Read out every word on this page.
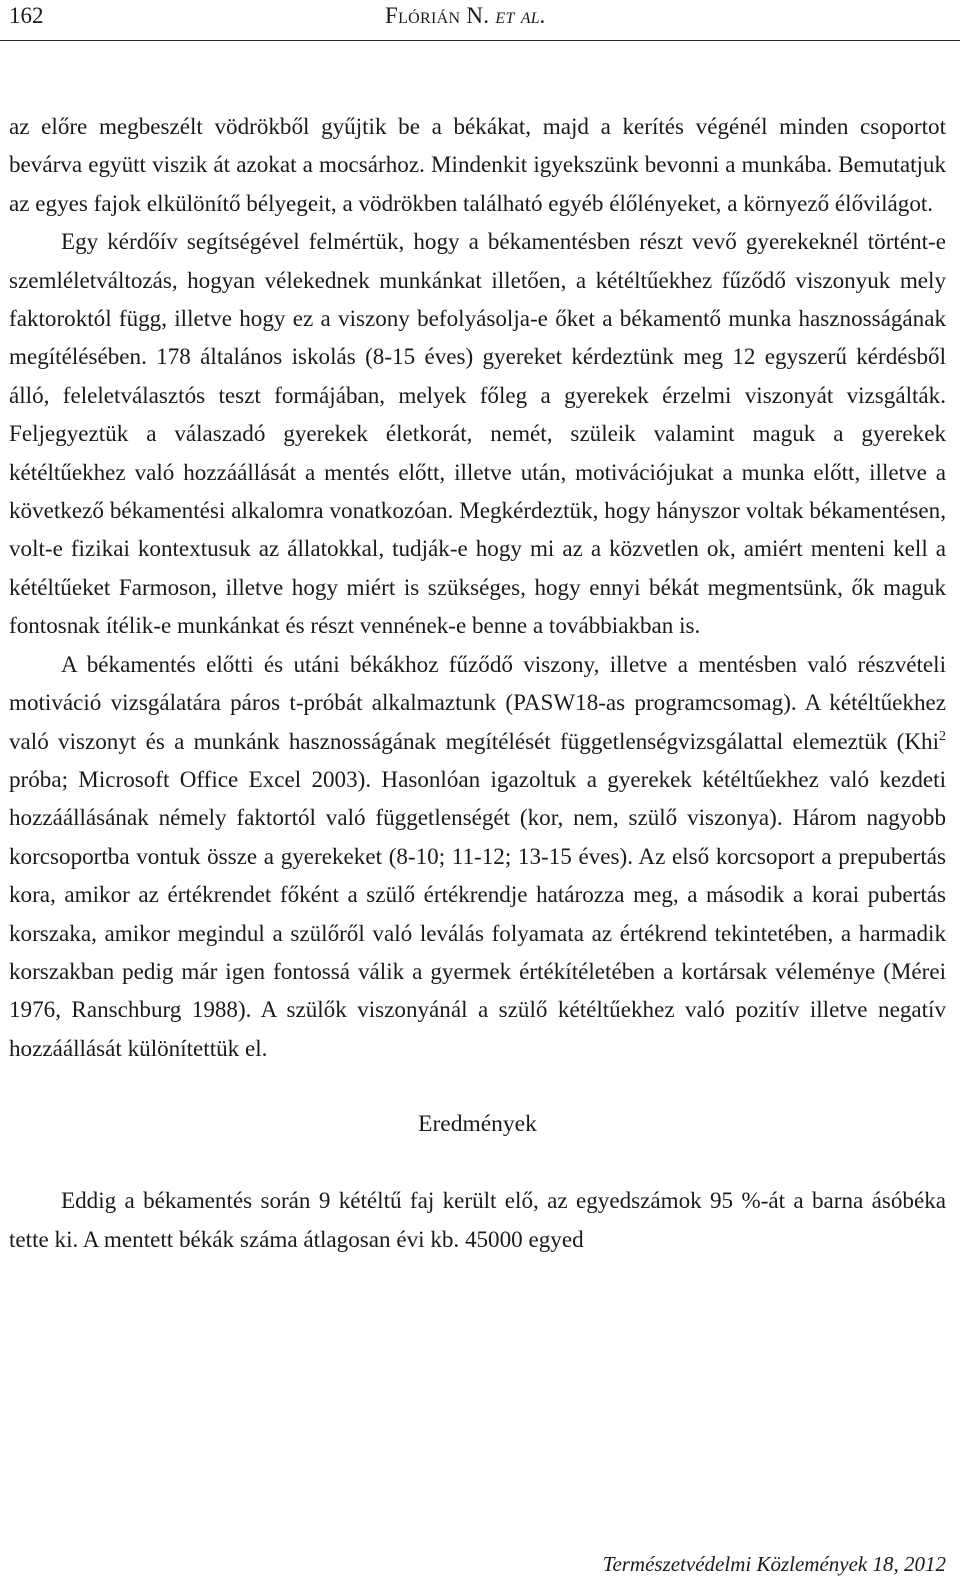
162	Flórián N. et al.

az előre megbeszélt vödrökből gyűjtik be a békákat, majd a kerítés végénél minden csoportot bevárva együtt viszik át azokat a mocsárhoz. Mindenkit igyekszünk bevonni a munkába. Bemutatjuk az egyes fajok elkülönítő bélyegeit, a vödrökben található egyéb élőlényeket, a környező élővilágot.

Egy kérdőív segítségével felmértük, hogy a békamentésben részt vevő gyerekeknél történt-e szemléletváltozás, hogyan vélekednek munkánkat illetően, a kétéltűekhez fűződő viszonyuk mely faktoroktól függ, illetve hogy ez a viszony befolyásolja-e őket a békamentő munka hasznosságának megítélésében. 178 általános iskolás (8-15 éves) gyereket kérdeztünk meg 12 egyszerű kérdésből álló, feleletválasztós teszt formájában, melyek főleg a gyerekek érzelmi viszonyát vizsgálták. Feljegyeztük a válaszadó gyerekek életkorát, nemét, szüleik valamint maguk a gyerekek kétéltűekhez való hozzáállását a mentés előtt, illetve után, motivációjukat a munka előtt, illetve a következő békamentési alkalomra vonatkozóan. Megkérdeztük, hogy hányszor voltak békamentésen, volt-e fizikai kontextusuk az állatokkal, tudják-e hogy mi az a közvetlen ok, amiért menteni kell a kétéltűeket Farmoson, illetve hogy miért is szükséges, hogy ennyi békát megmentsünk, ők maguk fontosnak ítélik-e munkánkat és részt vennének-e benne a továbbiakban is.

A békamentés előtti és utáni békákhoz fűződő viszony, illetve a mentésben való részvételi motiváció vizsgálatára páros t-próbát alkalmaztunk (PASW18-as programcsomag). A kétéltűekhez való viszonyt és a munkánk hasznosságának megítélését függetlenségvizsgálattal elemeztük (Khi$^2$ próba; Microsoft Office Excel 2003). Hasonlóan igazoltuk a gyerekek kétéltűekhez való kezdeti hozzáállásának némely faktortól való függetlenségét (kor, nem, szülő viszonya). Három nagyobb korcsoportba vontuk össze a gyerekeket (8-10; 11-12; 13-15 éves). Az első korcsoport a prepubertás kora, amikor az értékrendet főként a szülő értékrendje határozza meg, a második a korai pubertás korszaka, amikor megindul a szülőről való leválás folyamata az értékrend tekintetében, a harmadik korszakban pedig már igen fontossá válik a gyermek értékítéletében a kortársak véleménye (Mérei 1976, Ranschburg 1988). A szülők viszonyánál a szülő kétéltűekhez való pozitív illetve negatív hozzáállását különítettük el.

Eredmények

Eddig a békamentés során 9 kétéltű faj került elő, az egyedszámok 95 %-át a barna ásóbéka tette ki. A mentett békák száma átlagosan évi kb. 45000 egyed

Természetvédelmi Közlemények 18, 2012
